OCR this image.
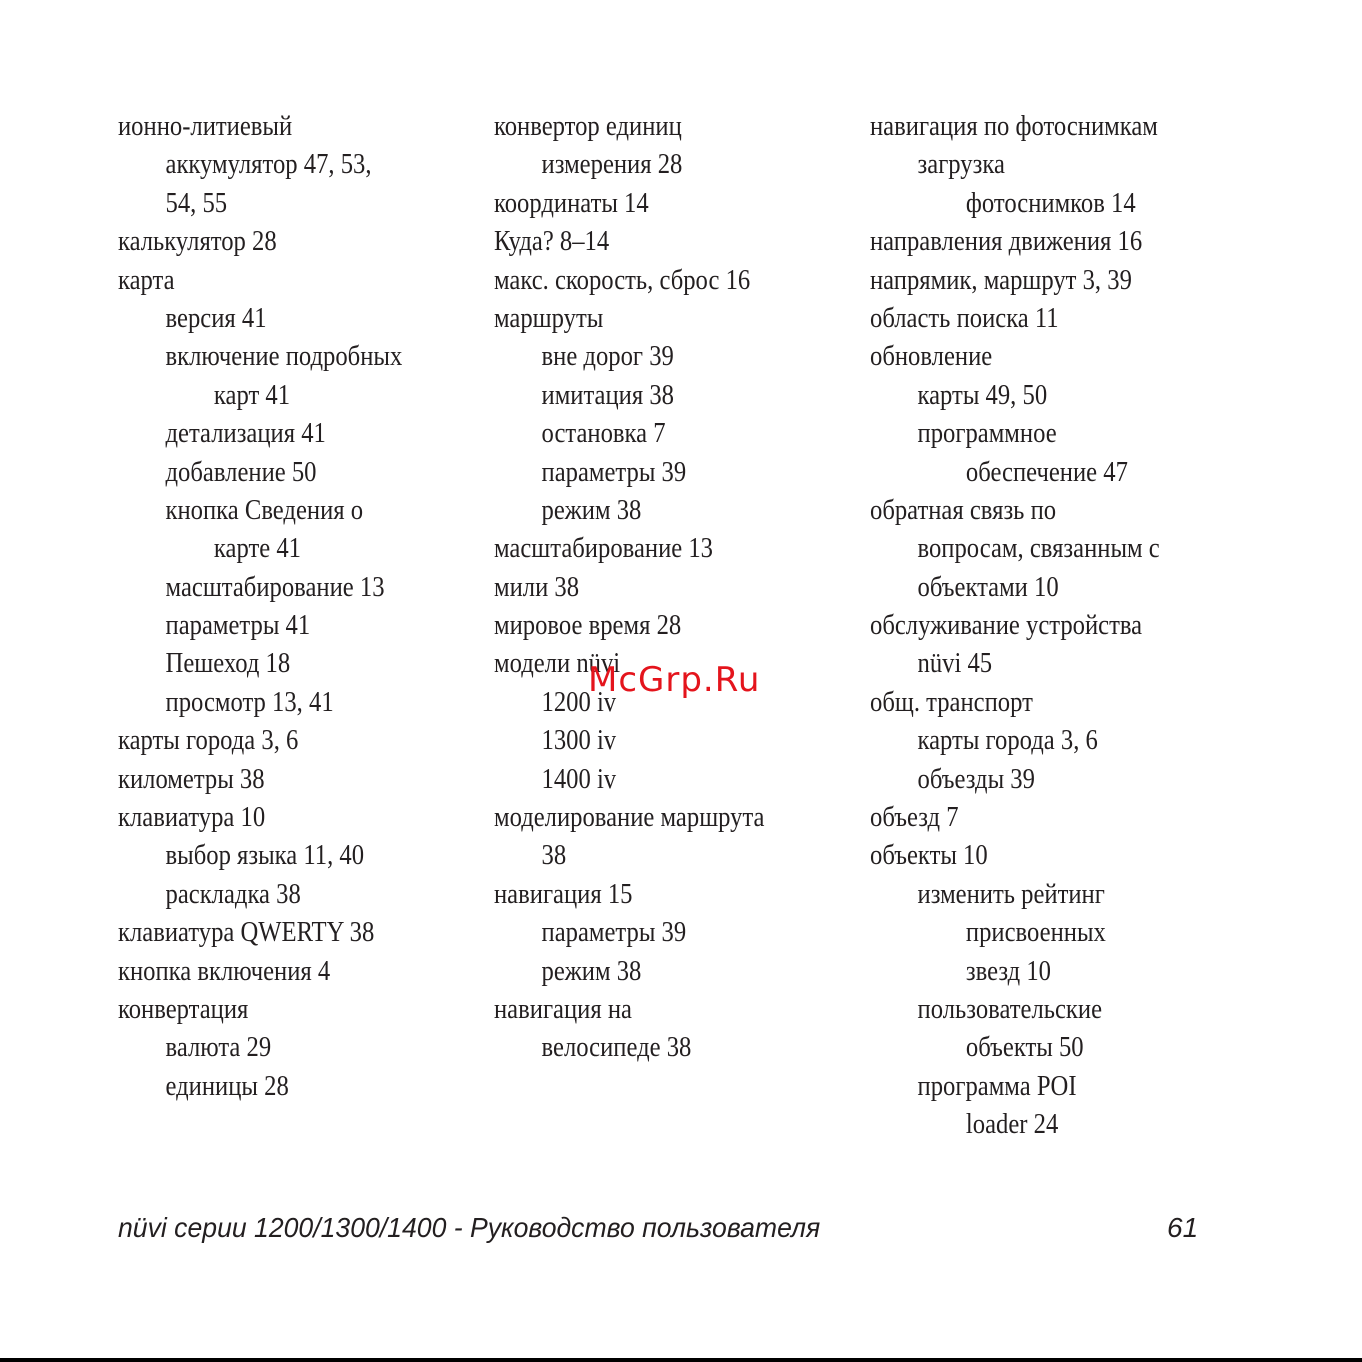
ионно-литиевый
аккумулятор 47, 53,
54, 55
калькулятор 28
карта
версия 41
включение подробных
карт 41
детализация 41
добавление 50
кнопка Сведения о
карте 41
масштабирование 13
параметры 41
Пешеход 18
просмотр 13, 41
карты города 3, 6
километры 38
клавиатура 10
выбор языка 11, 40
раскладка 38
клавиатура QWERTY 38
кнопка включения 4
конвертация
валюта 29
единицы 28
конвертор единиц
измерения 28
координаты 14
Куда? 8–14
макс. скорость, сброс 16
маршруты
вне дорог 39
имитация 38
остановка 7
параметры 39
режим 38
масштабирование 13
мили 38
мировое время 28
модели nüvi
1200 iv
1300 iv
1400 iv
моделирование маршрута
38
навигация 15
параметры 39
режим 38
навигация на
велосипеде 38
навигация по фотоснимкам
загрузка
фотоснимков 14
направления движения 16
напрямик, маршрут 3, 39
область поиска 11
обновление
карты 49, 50
программное
обеспечение 47
обратная связь по
вопросам, связанным с
объектами 10
обслуживание устройства
nüvi 45
общ. транспорт
карты города 3, 6
объезды 39
объезд 7
объекты 10
изменить рейтинг
присвоенных
звезд 10
пользовательские
объекты 50
программа POI
loader 24
McGrp.Ru
nüvi серии 1200/1300/1400 - Руководство пользователя	61
